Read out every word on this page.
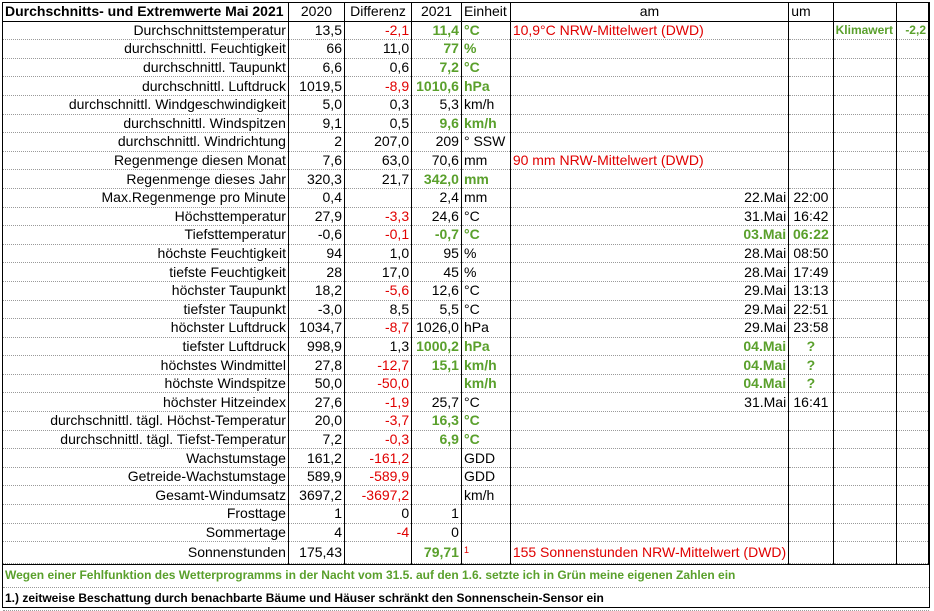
Durchschnitts- und Extremwerte Mai 2021	2020	Differenz	2021	Einheit	am	um		
Durchschnittstemperatur	13,5	-2,1	11,4	°C	10,9°C NRW-Mittelwert (DWD)		Klimawert	-2,2
durchschnittl. Feuchtigkeit	66	11,0	77	%				
durchschnittl. Taupunkt	6,6	0,6	7,2	°C				
durchschnittl. Luftdruck	1019,5	-8,9	1010,6	hPa				
durchschnittl. Windgeschwindigkeit	5,0	0,3	5,3	km/h				
durchschnittl. Windspitzen	9,1	0,5	9,6	km/h				
durchschnittl. Windrichtung	2	207,0	209	° SSW				
Regenmenge diesen Monat	7,6	63,0	70,6	mm	90 mm NRW-Mittelwert (DWD)			
Regenmenge dieses Jahr	320,3	21,7	342,0	mm				
Max.Regenmenge pro Minute	0,4		2,4	mm	22.Mai	22:00		
Höchsttemperatur	27,9	-3,3	24,6	°C	31.Mai	16:42		
Tiefsttemperatur	-0,6	-0,1	-0,7	°C	03.Mai	06:22		
höchste Feuchtigkeit	94	1,0	95	%	28.Mai	08:50		
tiefste Feuchtigkeit	28	17,0	45	%	28.Mai	17:49		
höchster Taupunkt	18,2	-5,6	12,6	°C	29.Mai	13:13		
tiefster Taupunkt	-3,0	8,5	5,5	°C	29.Mai	22:51		
höchster Luftdruck	1034,7	-8,7	1026,0	hPa	29.Mai	23:58		
tiefster Luftdruck	998,9	1,3	1000,2	hPa	04.Mai	?		
höchstes Windmittel	27,8	-12,7	15,1	km/h	04.Mai	?		
höchste Windspitze	50,0	-50,0		km/h	04.Mai	?		
höchster Hitzeindex	27,6	-1,9	25,7	°C	31.Mai	16:41		
durchschnittl. tägl. Höchst-Temperatur	20,0	-3,7	16,3	°C				
durchschnittl. tägl. Tiefst-Temperatur	7,2	-0,3	6,9	°C				
Wachstumstage	161,2	-161,2		GDD				
Getreide-Wachstumstage	589,9	-589,9		GDD				
Gesamt-Windumsatz	3697,2	-3697,2		km/h				
Frosttage	1	0	1					
Sommertage	4	-4	0					
Sonnenstunden	175,43		79,71	$^1$	155 Sonnenstunden NRW-Mittelwert (DWD)			
Wegen einer Fehlfunktion des Wetterprogramms in der Nacht vom 31.5. auf den 1.6. setzte ich in Grün meine eigenen Zahlen ein
1.) zeitweise Beschattung durch benachbarte Bäume und Häuser schränkt den Sonnenschein-Sensor ein
